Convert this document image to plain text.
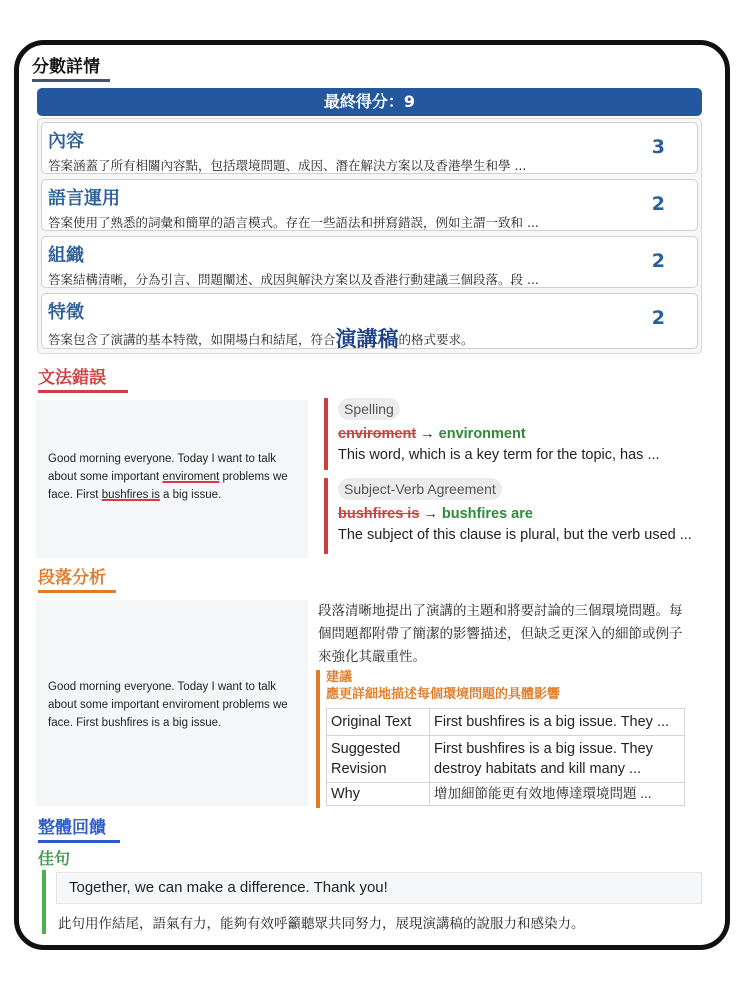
分數詳情
最終得分：9
內容
答案涵蓋了所有相關內容點，包括環境問題、成因、潛在解決方案以及香港學生和學 ...
3
語言運用
答案使用了熟悉的詞彙和簡單的語言模式。存在一些語法和拼寫錯誤，例如主謂一致和 ...
2
組織
答案結構清晰，分為引言、問題闡述、成因與解決方案以及香港行動建議三個段落。段 ...
2
特徵
答案包含了演講的基本特徵，如開場白和結尾，符合演講稿的格式要求。
2
文法錯誤
Good morning everyone. Today I want to talk about some important enviroment problems we face. First bushfires is a big issue.
Spelling
enviroment → environment
This word, which is a key term for the topic, has ...
Subject-Verb Agreement
bushfires is → bushfires are
The subject of this clause is plural, but the verb used ...
段落分析
Good morning everyone. Today I want to talk about some important enviroment problems we face. First bushfires is a big issue.
段落清晰地提出了演講的主題和將要討論的三個環境問題。每個問題都附帶了簡潔的影響描述，但缺乏更深入的細節或例子來強化其嚴重性。
建議
應更詳細地描述每個環境問題的具體影響
Original Text	First bushfires is a big issue. They ...
Suggested Revision	First bushfires is a big issue. They destroy habitats and kill many ...
Why	增加細節能更有效地傳達環境問題 ...
整體回饋
佳句
Together, we can make a difference. Thank you!
此句用作結尾，語氣有力，能夠有效呼籲聽眾共同努力，展現演講稿的說服力和感染力。
